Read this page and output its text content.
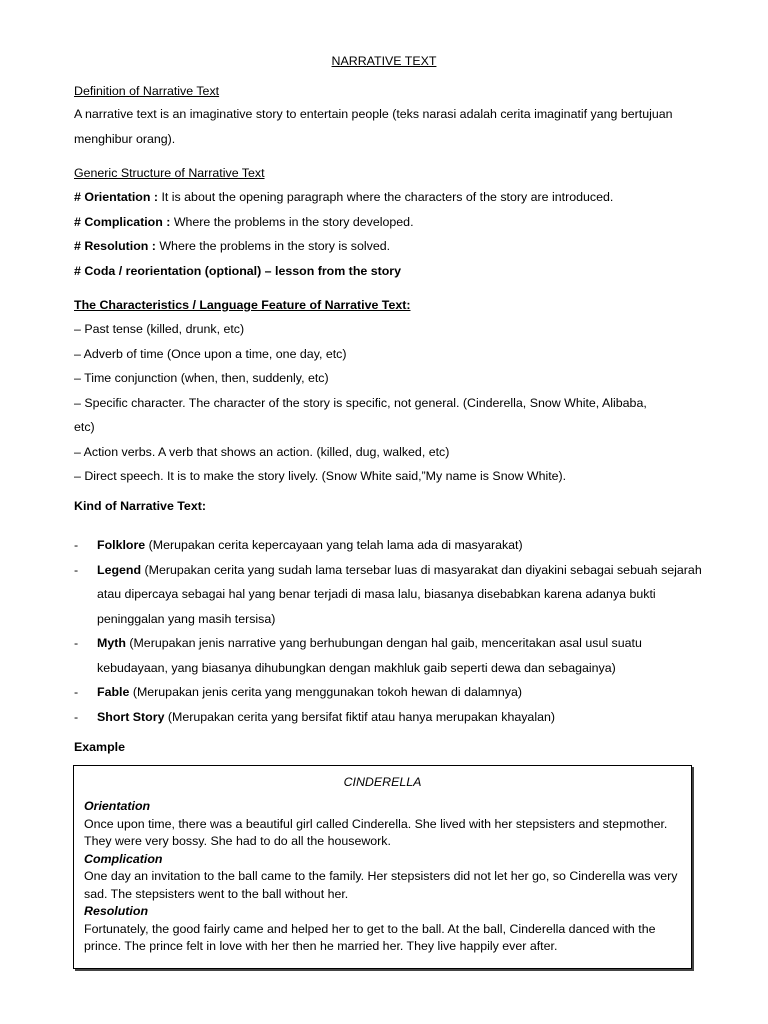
NARRATIVE TEXT

Definition of Narrative Text

A narrative text is an imaginative story to entertain people (teks narasi adalah cerita imaginatif yang bertujuan menghibur orang).

Generic Structure of Narrative Text

# Orientation : It is about the opening paragraph where the characters of the story are introduced.

# Complication : Where the problems in the story developed.

# Resolution : Where the problems in the story is solved.

# Coda / reorientation (optional) – lesson from the story

The Characteristics / Language Feature of Narrative Text:

– Past tense (killed, drunk, etc)

– Adverb of time (Once upon a time, one day, etc)

– Time conjunction (when, then, suddenly, etc)

– Specific character. The character of the story is specific, not general. (Cinderella, Snow White, Alibaba,

etc)

– Action verbs. A verb that shows an action. (killed, dug, walked, etc)

– Direct speech. It is to make the story lively. (Snow White said,”My name is Snow White).

Kind of Narrative Text:
- Folklore (Merupakan cerita kepercayaan yang telah lama ada di masyarakat)
- Legend (Merupakan cerita yang sudah lama tersebar luas di masyarakat dan diyakini sebagai sebuah sejarah atau dipercaya sebagai hal yang benar terjadi di masa lalu, biasanya disebabkan karena adanya bukti peninggalan yang masih tersisa)
- Myth (Merupakan jenis narrative yang berhubungan dengan hal gaib, menceritakan asal usul suatu kebudayaan, yang biasanya dihubungkan dengan makhluk gaib seperti dewa dan sebagainya)
- Fable (Merupakan jenis cerita yang menggunakan tokoh hewan di dalamnya)
- Short Story (Merupakan cerita yang bersifat fiktif atau hanya merupakan khayalan)
Example

CINDERELLA

Orientation

Once upon time, there was a beautiful girl called Cinderella. She lived with her stepsisters and stepmother. They were very bossy. She had to do all the housework.

Complication

One day an invitation to the ball came to the family. Her stepsisters did not let her go, so Cinderella was very sad. The stepsisters went to the ball without her.

Resolution

Fortunately, the good fairly came and helped her to get to the ball. At the ball, Cinderella danced with the prince. The prince felt in love with her then he married her. They live happily ever after.
